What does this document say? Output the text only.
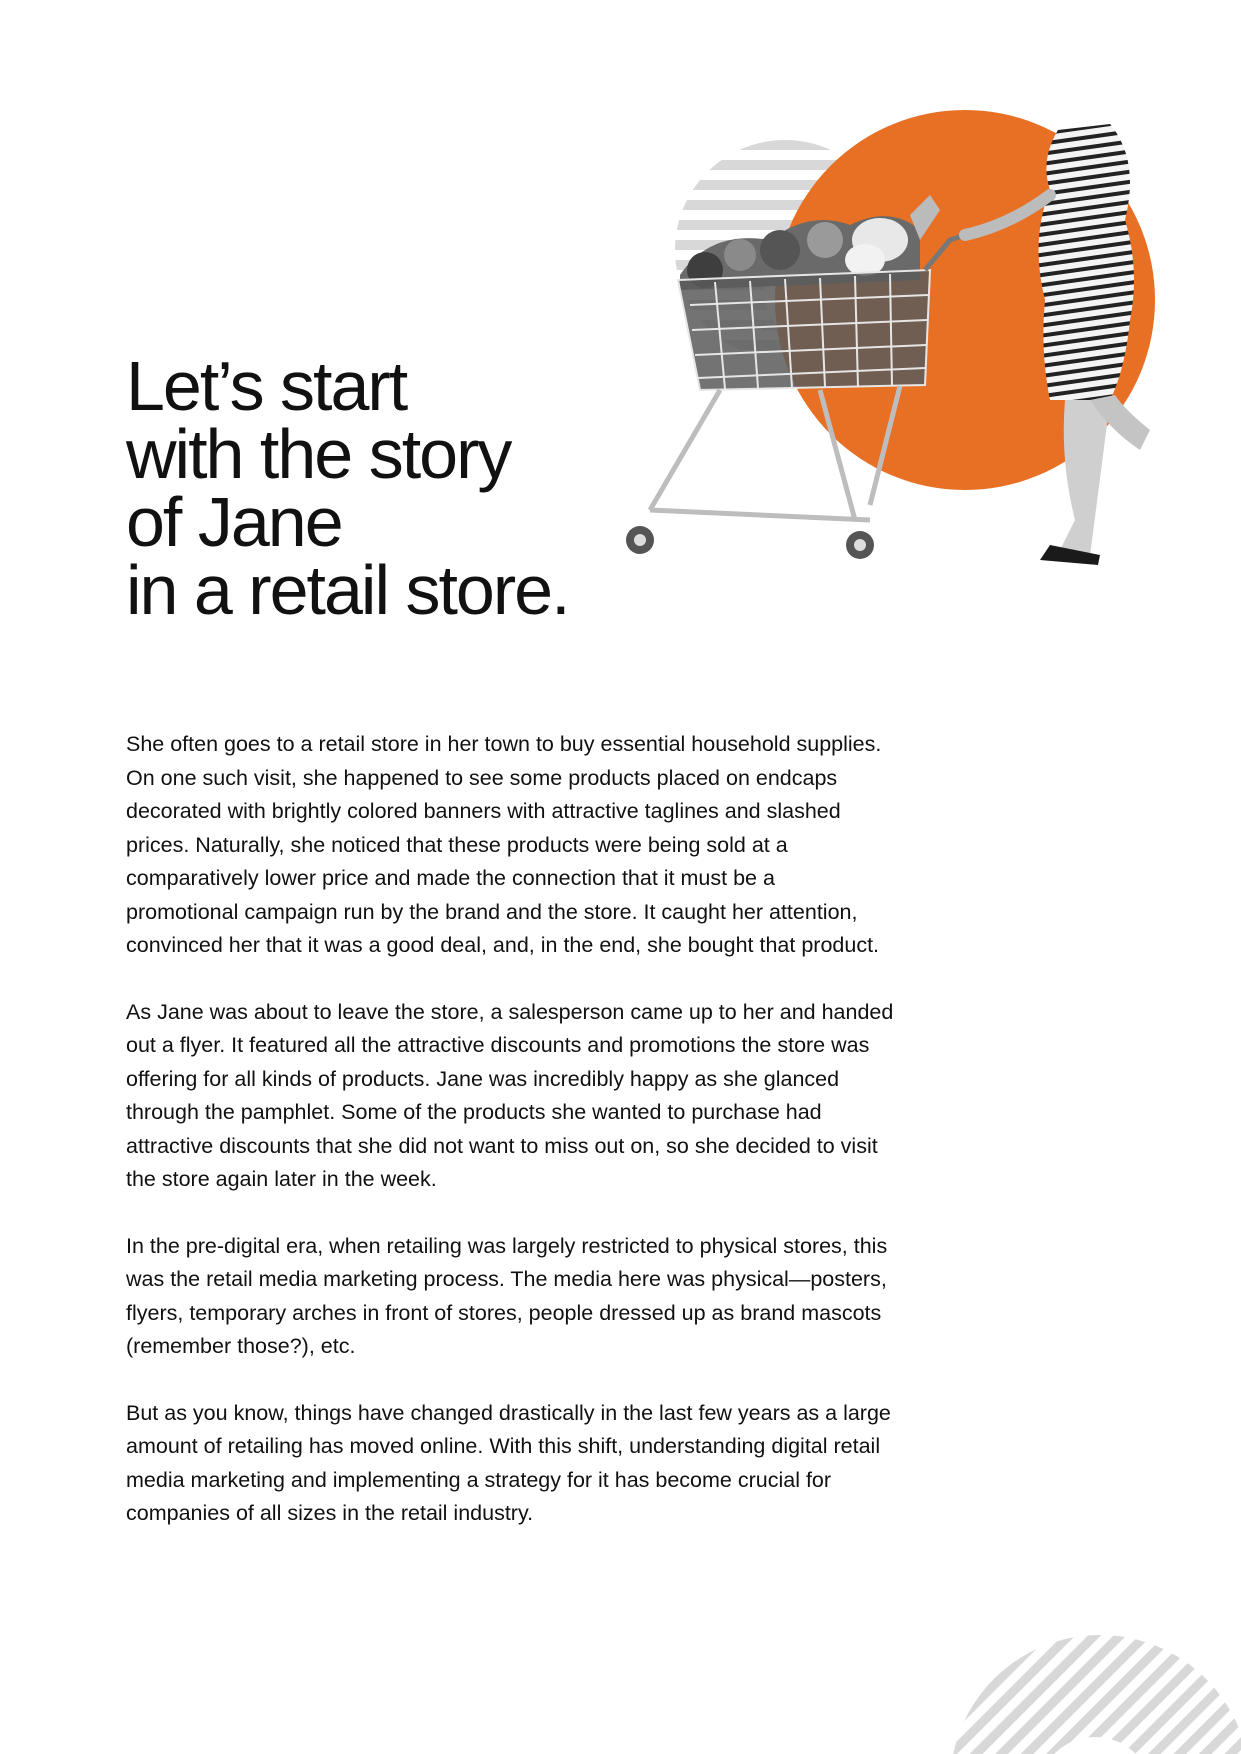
Let’s start
with the story
of Jane
in a retail store.

She often goes to a retail store in her town to buy essential household supplies.
On one such visit, she happened to see some products placed on endcaps
decorated with brightly colored banners with attractive taglines and slashed
prices. Naturally, she noticed that these products were being sold at a
comparatively lower price and made the connection that it must be a
promotional campaign run by the brand and the store. It caught her attention,
convinced her that it was a good deal, and, in the end, she bought that product.

As Jane was about to leave the store, a salesperson came up to her and handed
out a flyer. It featured all the attractive discounts and promotions the store was
offering for all kinds of products. Jane was incredibly happy as she glanced
through the pamphlet. Some of the products she wanted to purchase had
attractive discounts that she did not want to miss out on, so she decided to visit
the store again later in the week.

In the pre-digital era, when retailing was largely restricted to physical stores, this
was the retail media marketing process. The media here was physical—posters,
flyers, temporary arches in front of stores, people dressed up as brand mascots
(remember those?), etc.

But as you know, things have changed drastically in the last few years as a large
amount of retailing has moved online. With this shift, understanding digital retail
media marketing and implementing a strategy for it has become crucial for
companies of all sizes in the retail industry.
